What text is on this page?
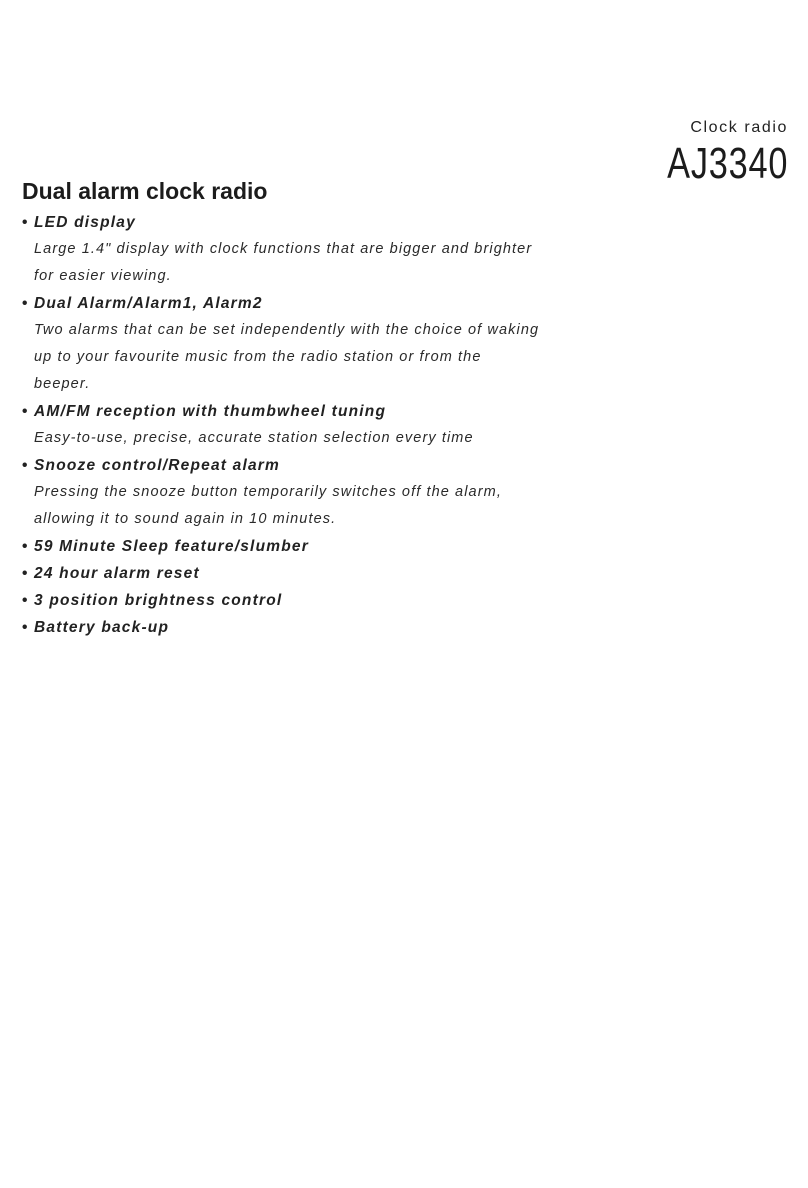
Clock radio
AJ3340
Dual alarm clock radio
• LED display
Large 1.4" display with clock functions that are bigger and brighter
for easier viewing.
• Dual Alarm/Alarm1, Alarm2
Two alarms that can be set independently with the choice of waking
up to your favourite music from the radio station or from the
beeper.
• AM/FM reception with thumbwheel tuning
Easy-to-use, precise, accurate station selection every time
• Snooze control/Repeat alarm
Pressing the snooze button temporarily switches off the alarm,
allowing it to sound again in 10 minutes.
• 59 Minute Sleep feature/slumber
• 24 hour alarm reset
• 3 position brightness control
• Battery back-up
